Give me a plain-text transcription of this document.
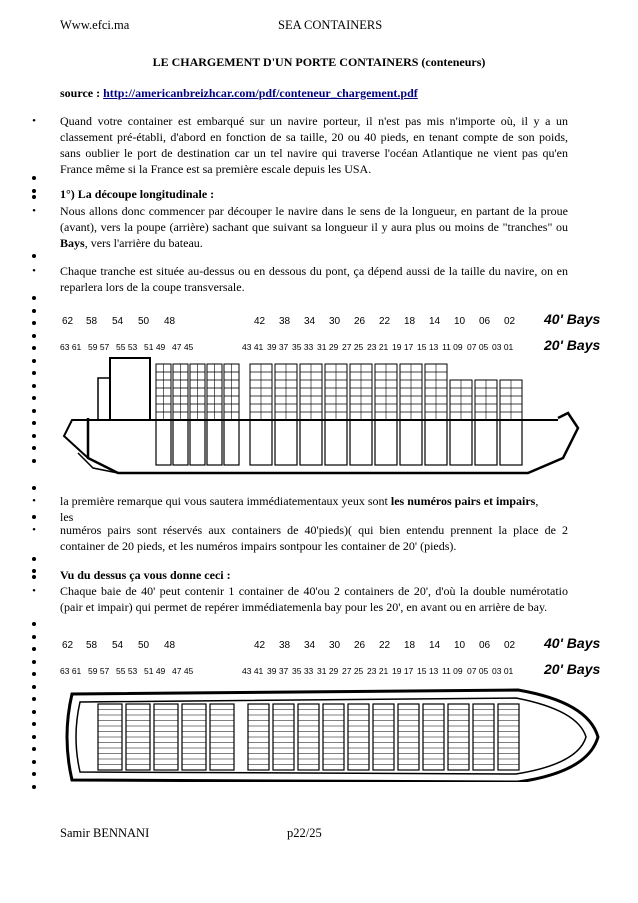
Www.efci.ma	SEA CONTAINERS
LE CHARGEMENT D'UN PORTE CONTAINERS (conteneurs)
source : http://americanbreizhcar.com/pdf/conteneur_chargement.pdf
• Quand votre container est embarqué sur un navire porteur, il n'est pas mis n'importe où, il y a un classement pré-établi, d'abord en fonction de sa taille, 20 ou 40 pieds, en tenant compte de son poids, sans oublier le port de destination car un tel navire qui traverse l'océan Atlantique ne vient pas qu'en France même si la France est sa première escale depuis les USA.
1°) La découpe longitudinale :
• Nous allons donc commencer par découper le navire dans le sens de la longueur, en partant de la proue (avant), vers la poupe (arrière) sachant que suivant sa longueur il y aura plus ou moins de "tranches" ou Bays, vers l'arrière du bateau.
• Chaque tranche est située au-dessus ou en dessous du pont, ça dépend aussi de la taille du navire, on en reparlera lors de la coupe transversale.
62 58 54 50 48	42 38 34 30 26 22 18 14 10 06 02
63 61 59 57 55 53 51 49 47 45	43 41 39 37 35 33 31 29 27 25 23 21 19 17 15 13 11 09 07 05 03 01
40' Bays
20' Bays
• la première remarque qui vous sautera immédiatementaux yeux sont les numéros pairs et impairs,
les
• numéros pairs sont réservés aux containers de 40'pieds)( qui bien entendu prennent la place de 2 container de 20 pieds, et les numéros impairs sontpour les container de 20' (pieds).
Vu du dessus ça vous donne ceci :
• Chaque baie de 40' peut contenir 1 container de 40'ou 2 containers de 20', d'où la double numérotatio (pair et impair) qui permet de repérer immédiatemenla bay pour les 20', en avant ou en arrière de bay.
62 58 54 50 48	42 38 34 30 26 22 18 14 10 06 02
63 61 59 57 55 53 51 49 47 45	43 41 39 37 35 33 31 29 27 25 23 21 19 17 15 13 11 09 07 05 03 01
40' Bays
20' Bays
Samir BENNANI	p22/25
